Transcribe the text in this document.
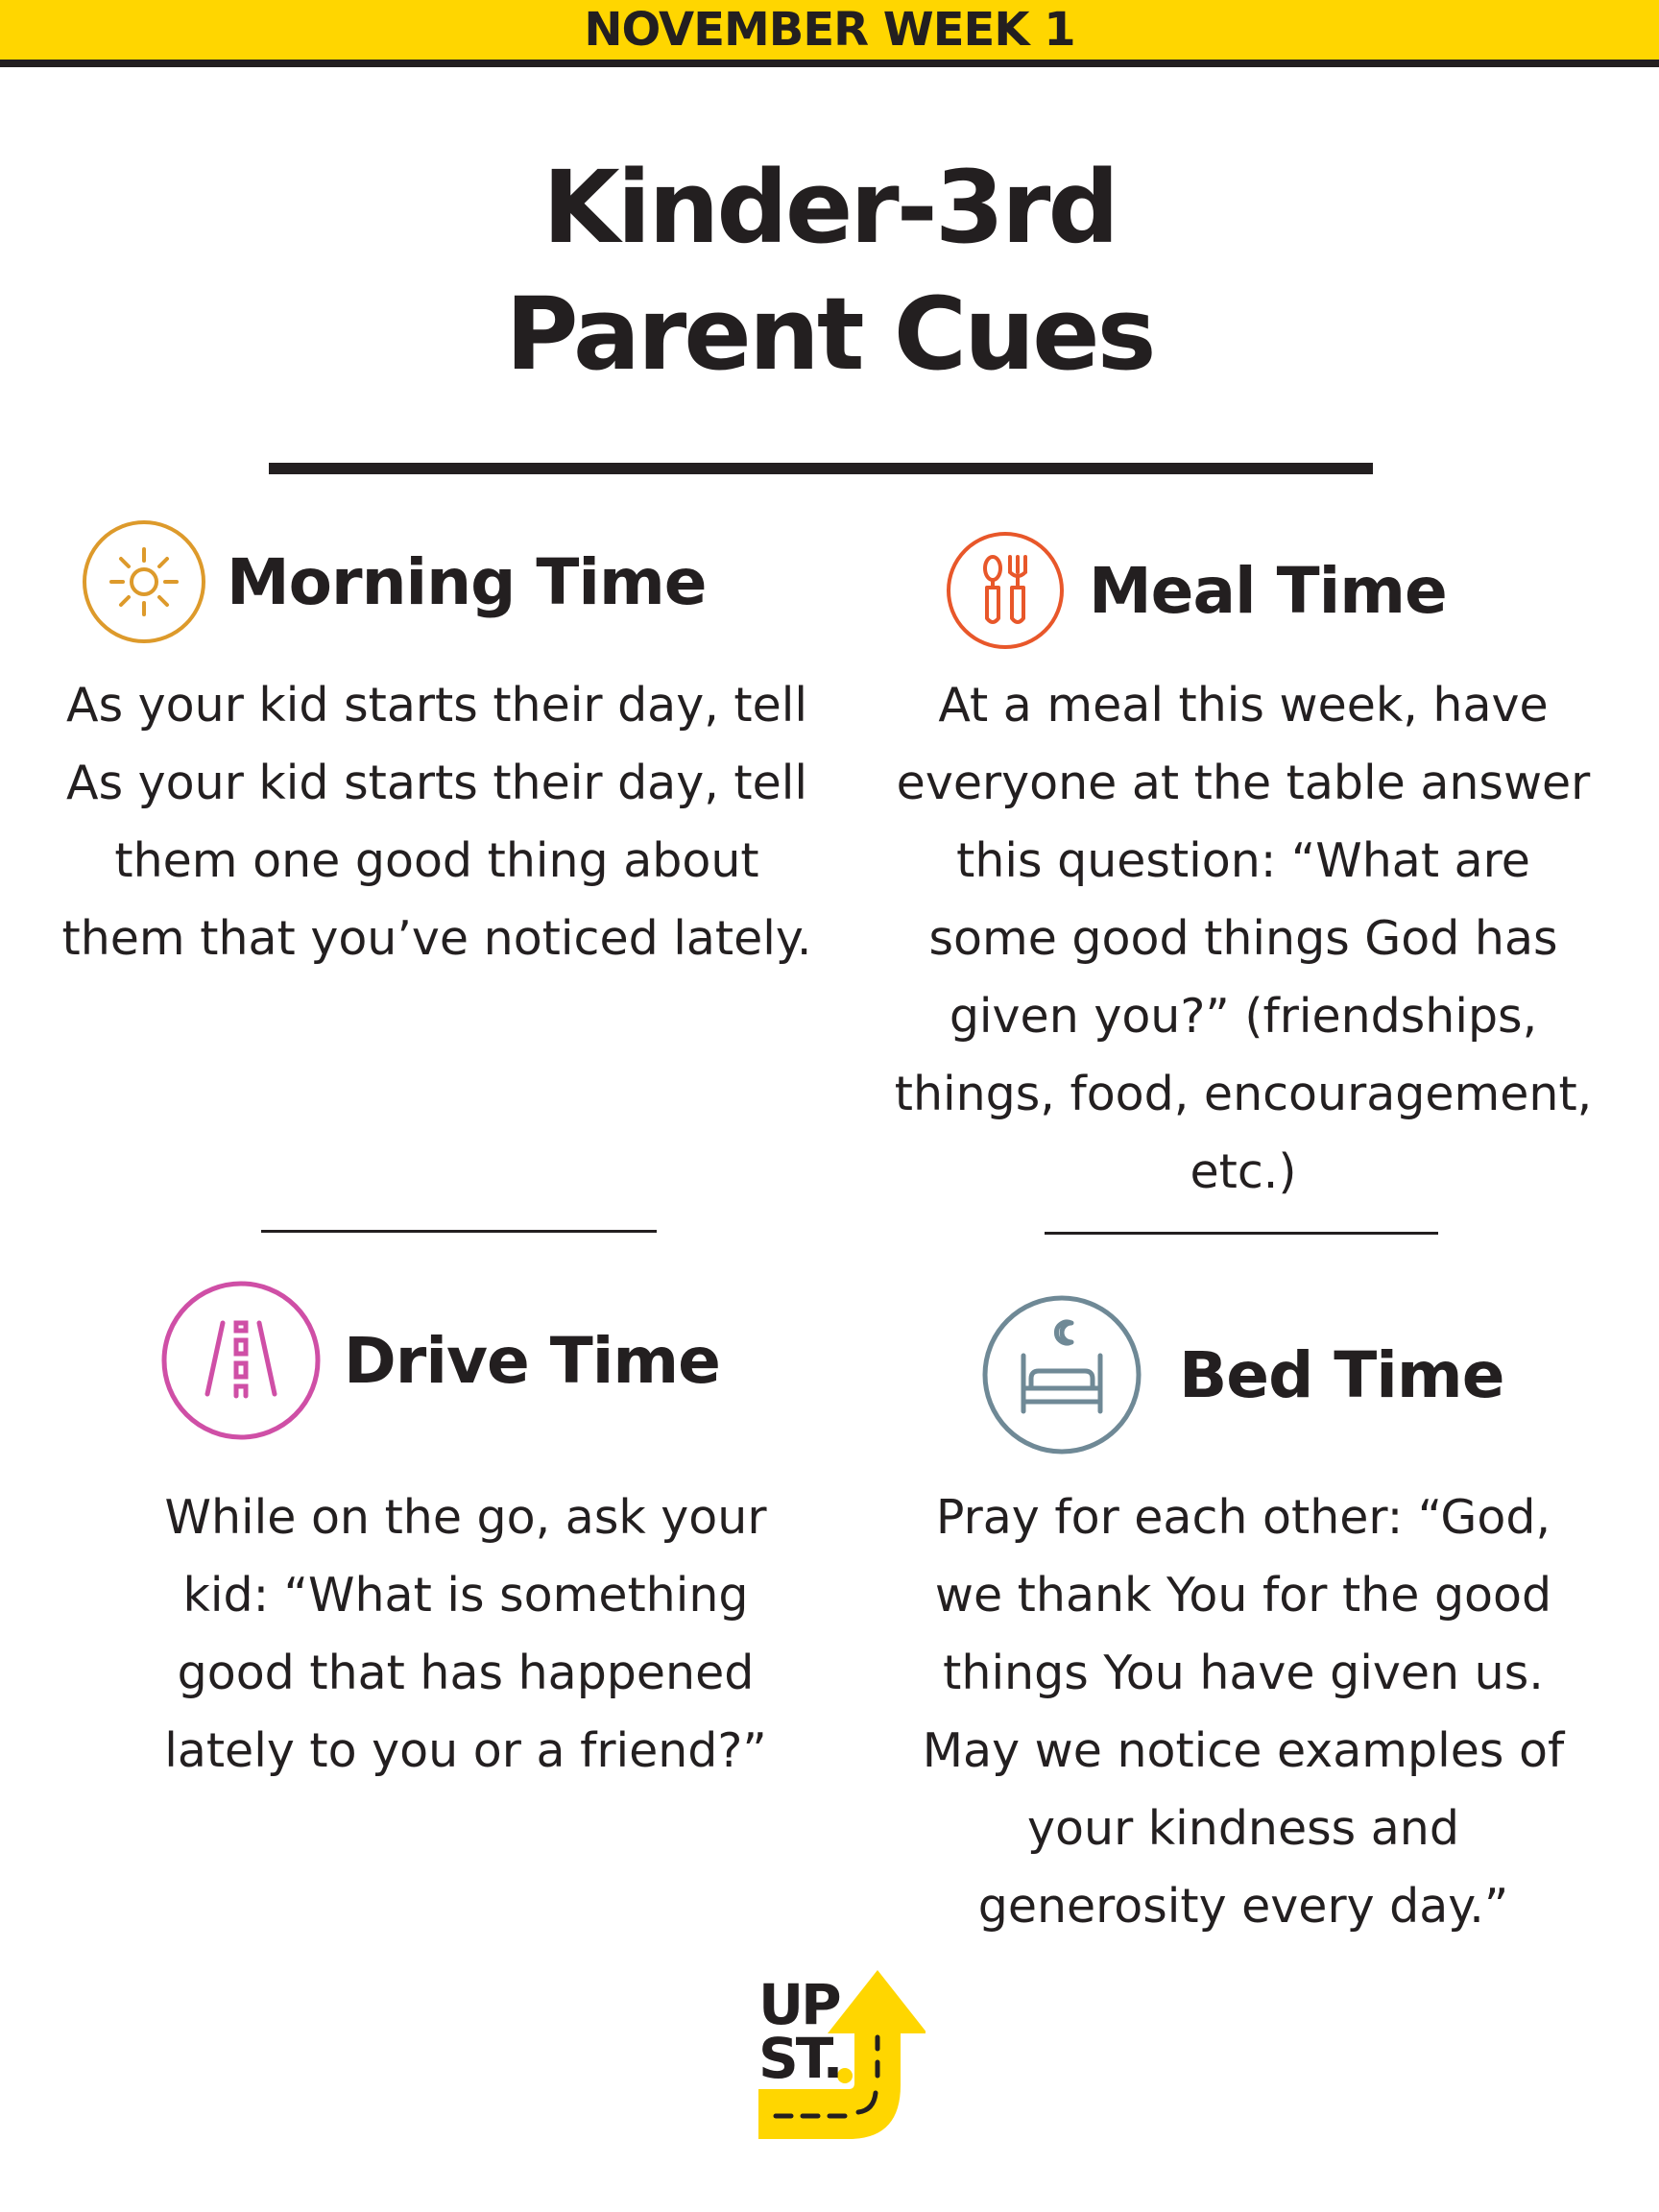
NOVEMBER WEEK 1
Kinder-3rd
Parent Cues
Morning Time
As your kid starts their day, tell
As your kid starts their day, tell
them one good thing about
them that you’ve noticed lately.
Meal Time
At a meal this week, have
everyone at the table answer
this question: “What are
some good things God has
given you?” (friendships,
things, food, encouragement,
etc.)
Drive Time
While on the go, ask your
kid: “What is something
good that has happened
lately to you or a friend?”
Bed Time
Pray for each other: “God,
we thank You for the good
things You have given us.
May we notice examples of
your kindness and
generosity every day.”
UP
ST.
